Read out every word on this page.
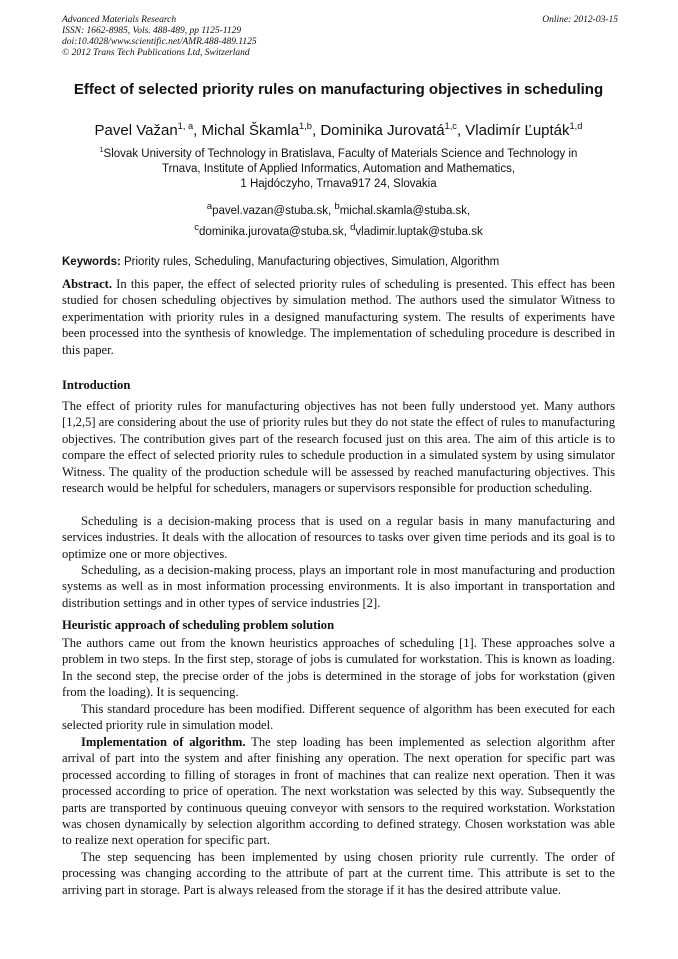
Advanced Materials Research
ISSN: 1662-8985, Vols. 488-489, pp 1125-1129
doi:10.4028/www.scientific.net/AMR.488-489.1125
© 2012 Trans Tech Publications Ltd, Switzerland
Online: 2012-03-15
Effect of selected priority rules on manufacturing objectives in scheduling
Pavel Važan$^{1, a}$, Michal Škamla$^{1,b}$, Dominika Jurovatá$^{1,c}$, Vladimír Ľupták$^{1,d}$
$^1$Slovak University of Technology in Bratislava, Faculty of Materials Science and Technology in
Trnava, Institute of Applied Informatics, Automation and Mathematics,
1 Hajdóczyho, Trnava917 24, Slovakia
$^a$pavel.vazan@stuba.sk, $^b$michal.skamla@stuba.sk,
$^c$dominika.jurovata@stuba.sk, $^d$vladimir.luptak@stuba.sk
Keywords: Priority rules, Scheduling, Manufacturing objectives, Simulation, Algorithm

Abstract. In this paper, the effect of selected priority rules of scheduling is presented. This effect has been studied for chosen scheduling objectives by simulation method. The authors used the simulator Witness to experimentation with priority rules in a designed manufacturing system. The results of experiments have been processed into the synthesis of knowledge. The implementation of scheduling procedure is described in this paper.

Introduction

The effect of priority rules for manufacturing objectives has not been fully understood yet. Many authors [1,2,5] are considering about the use of priority rules but they do not state the effect of rules to manufacturing objectives. The contribution gives part of the research focused just on this area. The aim of this article is to compare the effect of selected priority rules to schedule production in a simulated system by using simulator Witness. The quality of the production schedule will be assessed by reached manufacturing objectives. This research would be helpful for schedulers, managers or supervisors responsible for production scheduling.

Scheduling is a decision-making process that is used on a regular basis in many manufacturing and services industries. It deals with the allocation of resources to tasks over given time periods and its goal is to optimize one or more objectives.

Scheduling, as a decision-making process, plays an important role in most manufacturing and production systems as well as in most information processing environments. It is also important in transportation and distribution settings and in other types of service industries [2].

Heuristic approach of scheduling problem solution

The authors came out from the known heuristics approaches of scheduling [1]. These approaches solve a problem in two steps. In the first step, storage of jobs is cumulated for workstation. This is known as loading. In the second step, the precise order of the jobs is determined in the storage of jobs for workstation (given from the loading). It is sequencing.

This standard procedure has been modified. Different sequence of algorithm has been executed for each selected priority rule in simulation model.

Implementation of algorithm. The step loading has been implemented as selection algorithm after arrival of part into the system and after finishing any operation. The next operation for specific part was processed according to filling of storages in front of machines that can realize next operation. Then it was processed according to price of operation. The next workstation was selected by this way. Subsequently the parts are transported by continuous queuing conveyor with sensors to the required workstation. Workstation was chosen dynamically by selection algorithm according to defined strategy. Chosen workstation was able to realize next operation for specific part.

The step sequencing has been implemented by using chosen priority rule currently. The order of processing was changing according to the attribute of part at the current time. This attribute is set to the arriving part in storage. Part is always released from the storage if it has the desired attribute value.
